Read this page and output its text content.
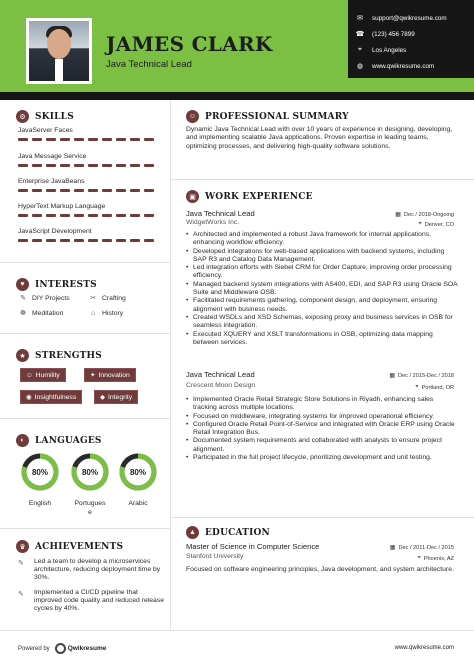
JAMES CLARK
Java Technical Lead
✉	support@qwikresume.com
☎ (123) 456 7899
⌖	Los Angeles
◍	www.qwikresume.com
⚙	SKILLS
JavaServer Faces
Java Message Service
Enterprise JavaBeans
HyperText Markup Language
JavaScript Development
♥	INTERESTS
✎ DIY Projects	✂ Crafting
☸ Meditation	⌂	History
★	STRENGTHS
☺ Humility	✦ Innovation
◉ Insightfulness	◆ Integrity
◐	LANGUAGES
80%
English
80%
Portugues
e
80%
Arabic
♛	ACHIEVEMENTS
✎	Led a team to develop a microservices architecture, reducing deployment time by 30%.
✎	Implemented a CI/CD pipeline that improved code quality and reduced release cycles by 40%.
☺ PROFESSIONAL SUMMARY
Dynamic Java Technical Lead with over 10 years of experience in designing, developing, and implementing scalable Java applications. Proven expertise in leading teams, optimizing processes, and delivering high-quality software solutions.
▣	WORK EXPERIENCE
Java Technical Lead	▦ Dec / 2018-Ongoing
WidgetWorks Inc.	⌖ Denver, CO
• Architected and implemented a robust Java framework for internal applications, enhancing workflow efficiency.
• Developed integrations for web-based applications with backend systems, including SAP R3 and Catalog Data Management.
• Led integration efforts with Siebel CRM for Order Capture, improving order processing efficiency.
• Managed backend system integrations with AS400, EDI, and SAP R3 using Oracle SOA Suite and Middleware OSB.
• Facilitated requirements gathering, component design, and deployment, ensuring alignment with business needs.
• Created WSDLs and XSD Schemas, exposing proxy and business services in OSB for seamless integration.
• Executed XQUERY and XSLT transformations in OSB, optimizing data mapping between services.
Java Technical Lead	▦ Dec / 2015-Dec / 2018
Crescent Moon Design	⌖ Portland, OR
• Implemented Oracle Retail Strategic Store Solutions in Riyadh, enhancing sales tracking across multiple locations.
• Focused on middleware, integrating systems for improved operational efficiency.
• Configured Oracle Retail Point-of-Service and integrated with Oracle ERP using Oracle Retail Integration Bus.
• Documented system requirements and collaborated with analysts to ensure project alignment.
• Participated in the full project lifecycle, prioritizing development and unit testing.
▲	EDUCATION
Master of Science in Computer Science	▦ Dec / 2011-Dec / 2015
Stanford University	⌖ Phoenix, AZ
Focused on software engineering principles, Java development, and system architecture.
Powered by	Qwikresume	www.qwikresume.com
